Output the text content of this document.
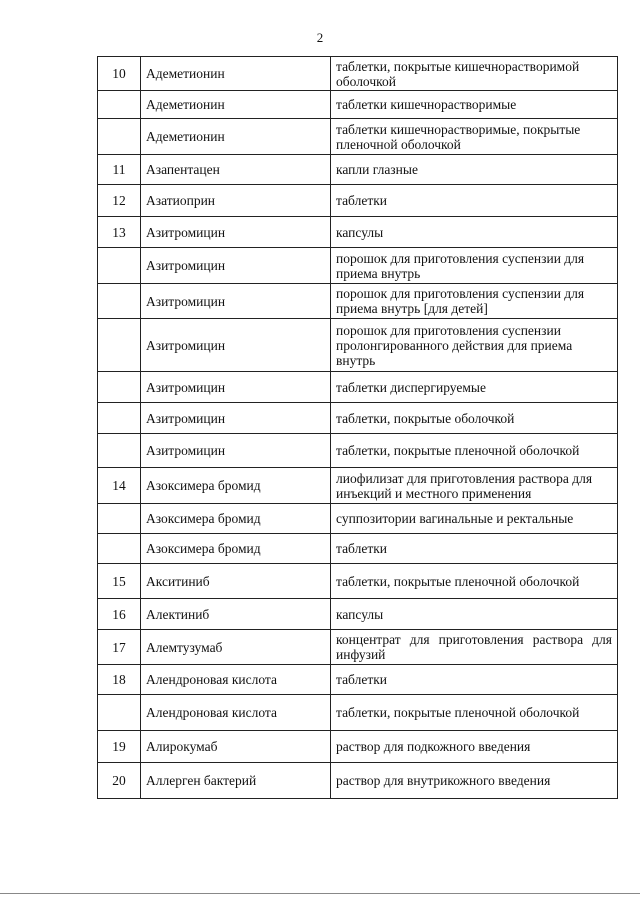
2
10	Адеметионин	таблетки, покрытые кишечнорастворимой оболочкой
	Адеметионин	таблетки кишечнорастворимые
	Адеметионин	таблетки кишечнорастворимые, покрытые пленочной оболочкой
11	Азапентацен	капли глазные
12	Азатиоприн	таблетки
13	Азитромицин	капсулы
	Азитромицин	порошок для приготовления суспензии для приема внутрь
	Азитромицин	порошок для приготовления суспензии для приема внутрь [для детей]
	Азитромицин	порошок для приготовления суспензии пролонгированного действия для приема внутрь
	Азитромицин	таблетки диспергируемые
	Азитромицин	таблетки, покрытые оболочкой
	Азитромицин	таблетки, покрытые пленочной оболочкой
14	Азоксимера бромид	лиофилизат для приготовления раствора для инъекций и местного применения
	Азоксимера бромид	суппозитории вагинальные и ректальные
	Азоксимера бромид	таблетки
15	Акситиниб	таблетки, покрытые пленочной оболочкой
16	Алектиниб	капсулы
17	Алемтузумаб	концентрат для приготовления раствора для инфузий
18	Алендроновая кислота	таблетки
	Алендроновая кислота	таблетки, покрытые пленочной оболочкой
19	Алирокумаб	раствор для подкожного введения
20	Аллерген бактерий	раствор для внутрикожного введения
